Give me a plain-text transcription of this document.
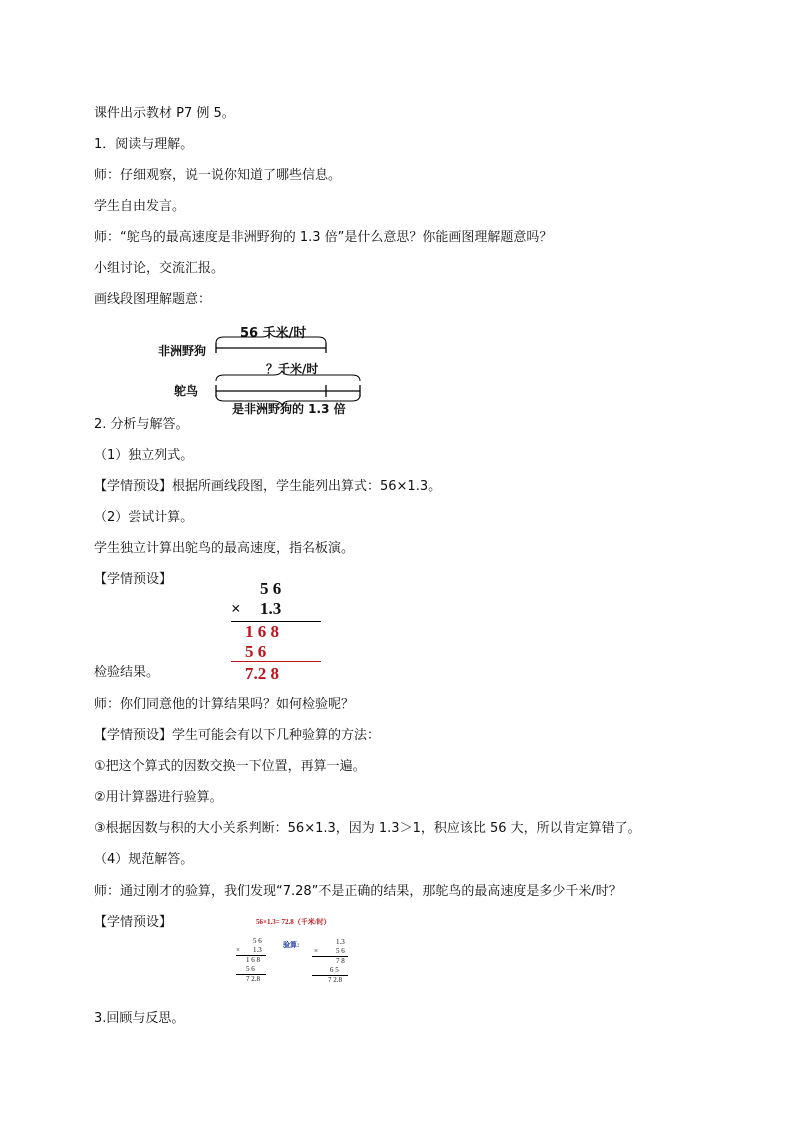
课件出示教材 P7 例 5。
1．阅读与理解。
师：仔细观察，说一说你知道了哪些信息。
学生自由发言。
师：“鸵鸟的最高速度是非洲野狗的 1.3 倍”是什么意思？你能画图理解题意吗？
小组讨论，交流汇报。
画线段图理解题意：
56 千米/时
非洲野狗
？千米/时
鸵鸟
是非洲野狗的 1.3 倍
2. 分析与解答。
（1）独立列式。
【学情预设】根据所画线段图，学生能列出算式：56×1.3。
（2）尝试计算。
学生独立计算出鸵鸟的最高速度，指名板演。
【学情预设】	5 6
× 1.3
1 6 8
5 6
7.2 8
检验结果。
师：你们同意他的计算结果吗？如何检验呢？
【学情预设】学生可能会有以下几种验算的方法：
①把这个算式的因数交换一下位置，再算一遍。
②用计算器进行验算。
③根据因数与积的大小关系判断：56×1.3，因为 1.3＞1，积应该比 56 大，所以肯定算错了。
（4）规范解答。
师：通过刚才的验算，我们发现“7.28”不是正确的结果，那鸵鸟的最高速度是多少千米/时？
【学情预设】	56×1.3= 72.8（千米/时）
验算:
5 6
× 1.3
1 6 8
5 6
7 2.8
1.3
×	5 6
7 8
6 5
7 2.8
3.回顾与反思。
